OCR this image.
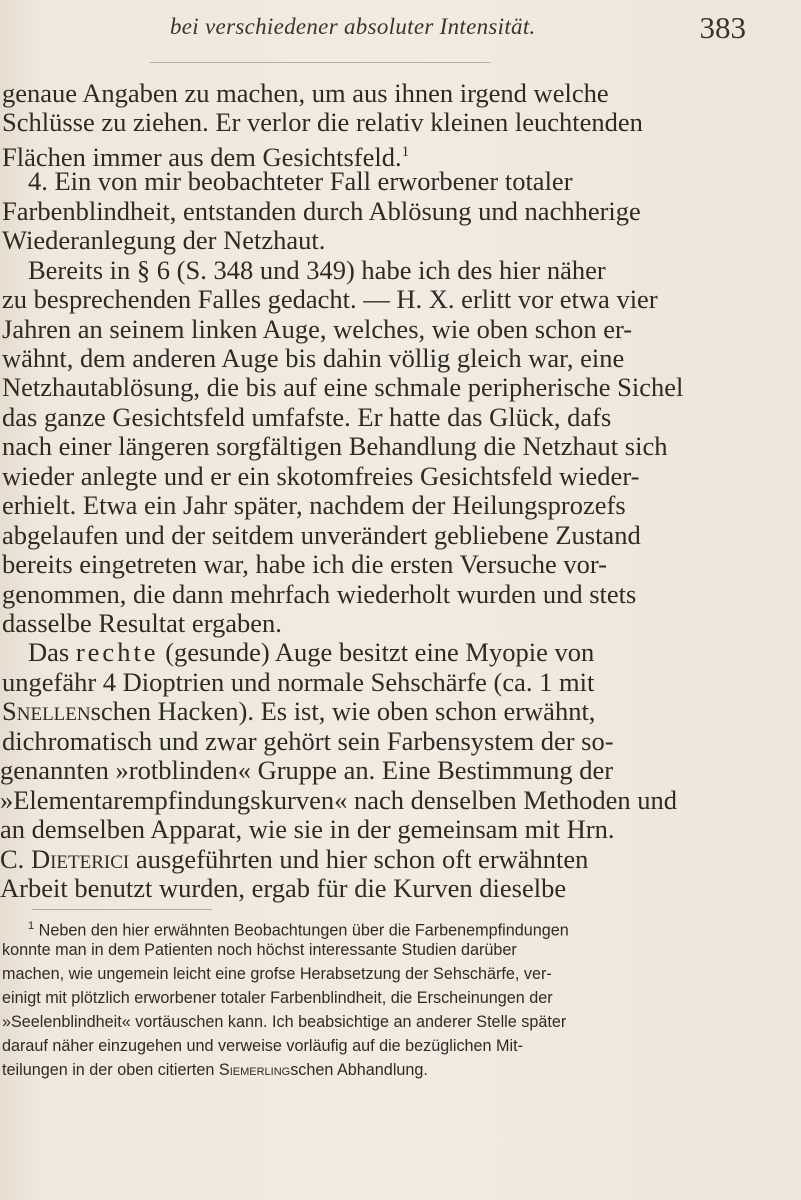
bei verschiedener absoluter Intensität.	383
genaue Angaben zu machen, um aus ihnen irgend welche
Schlüsse zu ziehen. Er verlor die relativ kleinen leuchtenden
Flächen immer aus dem Gesichtsfeld.$^1$
4. Ein von mir beobachteter Fall erworbener totaler
Farbenblindheit, entstanden durch Ablösung und nachherige
Wiederanlegung der Netzhaut.
Bereits in § 6 (S. 348 und 349) habe ich des hier näher
zu besprechenden Falles gedacht. — H. X. erlitt vor etwa vier
Jahren an seinem linken Auge, welches, wie oben schon er-
wähnt, dem anderen Auge bis dahin völlig gleich war, eine
Netzhautablösung, die bis auf eine schmale peripherische Sichel
das ganze Gesichtsfeld umfafste. Er hatte das Glück, dafs
nach einer längeren sorgfältigen Behandlung die Netzhaut sich
wieder anlegte und er ein skotomfreies Gesichtsfeld wieder-
erhielt. Etwa ein Jahr später, nachdem der Heilungsprozefs
abgelaufen und der seitdem unverändert gebliebene Zustand
bereits eingetreten war, habe ich die ersten Versuche vor-
genommen, die dann mehrfach wiederholt wurden und stets
dasselbe Resultat ergaben.
Das rechte (gesunde) Auge besitzt eine Myopie von
ungefähr 4 Dioptrien und normale Sehschärfe (ca. 1 mit
Snellenschen Hacken). Es ist, wie oben schon erwähnt,
dichromatisch und zwar gehört sein Farbensystem der so-
genannten »rotblinden« Gruppe an. Eine Bestimmung der
»Elementarempfindungskurven« nach denselben Methoden und
an demselben Apparat, wie sie in der gemeinsam mit Hrn.
C. Dieterici ausgeführten und hier schon oft erwähnten
Arbeit benutzt wurden, ergab für die Kurven dieselbe
$^1$ Neben den hier erwähnten Beobachtungen über die Farbenempfindungen
konnte man in dem Patienten noch höchst interessante Studien darüber
machen, wie ungemein leicht eine grofse Herabsetzung der Sehschärfe, ver-
einigt mit plötzlich erworbener totaler Farbenblindheit, die Erscheinungen der
»Seelenblindheit« vortäuschen kann. Ich beabsichtige an anderer Stelle später
darauf näher einzugehen und verweise vorläufig auf die bezüglichen Mit-
teilungen in der oben citierten Siemerlingschen Abhandlung.
